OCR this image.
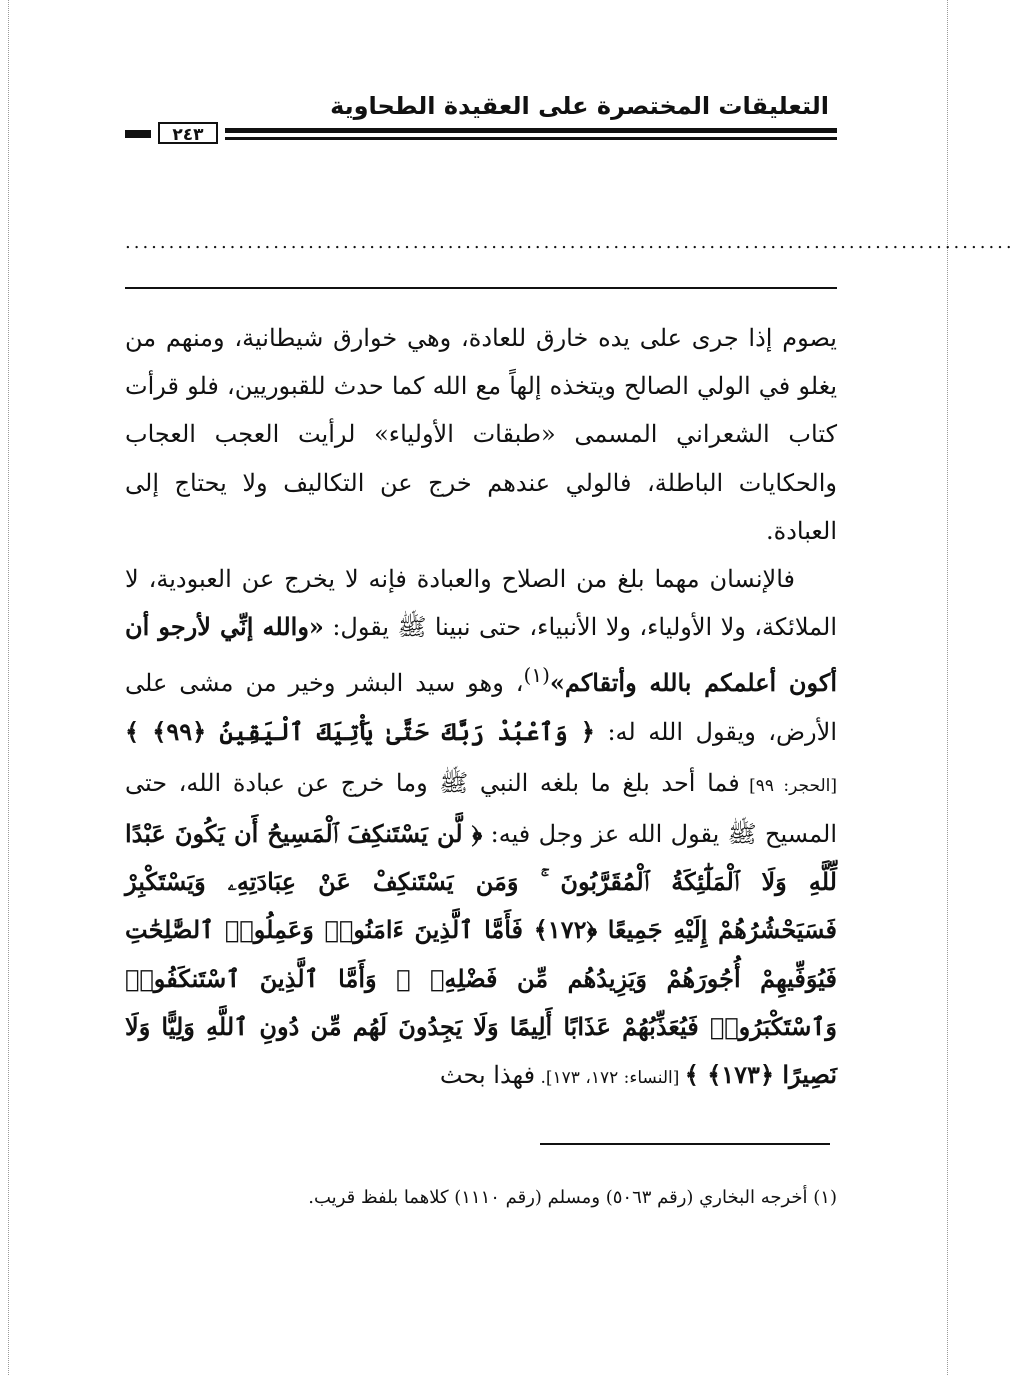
التعليقات المختصرة على العقيدة الطحاوية
٢٤٣
......................................................................................................

يصوم إذا جرى على يده خارق للعادة، وهي خوارق شيطانية، ومنهم من يغلو في الولي الصالح ويتخذه إلهاً مع الله كما حدث للقبوريين، فلو قرأت كتاب الشعراني المسمى «طبقات الأولياء» لرأيت العجب العجاب والحكايات الباطلة، فالولي عندهم خرج عن التكاليف ولا يحتاج إلى العبادة.

فالإنسان مهما بلغ من الصلاح والعبادة فإنه لا يخرج عن العبودية، لا الملائكة، ولا الأولياء، ولا الأنبياء، حتى نبينا ﷺ يقول: «والله إنِّي لأرجو أن أكون أعلمكم بالله وأتقاكم»$^{(١)}$، وهو سيد البشر وخير من مشى على الأرض، ويقول الله له: ﴿ وَٱعْبُدْ رَبَّكَ حَتَّىٰ يَأْتِيَكَ ٱلْيَقِينُ ﴿٩٩﴾ ﴾ [الحجر: ٩٩] فما أحد بلغ ما بلغه النبي ﷺ وما خرج عن عبادة الله، حتى المسيح ﷺ يقول الله عز وجل فيه: ﴿ لَّن يَسْتَنكِفَ ٱلْمَسِيحُ أَن يَكُونَ عَبْدًا لِّلَّهِ وَلَا ٱلْمَلَٰٓئِكَةُ ٱلْمُقَرَّبُونَ ۚ وَمَن يَسْتَنكِفْ عَنْ عِبَادَتِهِۦ وَيَسْتَكْبِرْ فَسَيَحْشُرُهُمْ إِلَيْهِ جَمِيعًا ﴿١٧٢﴾ فَأَمَّا ٱلَّذِينَ ءَامَنُوا۟ وَعَمِلُوا۟ ٱلصَّٰلِحَٰتِ فَيُوَفِّيهِمْ أُجُورَهُمْ وَيَزِيدُهُم مِّن فَضْلِهِۦ ۖ وَأَمَّا ٱلَّذِينَ ٱسْتَنكَفُوا۟ وَٱسْتَكْبَرُوا۟ فَيُعَذِّبُهُمْ عَذَابًا أَلِيمًا وَلَا يَجِدُونَ لَهُم مِّن دُونِ ٱللَّهِ وَلِيًّا وَلَا نَصِيرًا ﴿١٧٣﴾ ﴾ [النساء: ١٧٢، ١٧٣]. فهذا بحث

(١) أخرجه البخاري (رقم ٥٠٦٣) ومسلم (رقم ١١١٠) كلاهما بلفظ قريب.
